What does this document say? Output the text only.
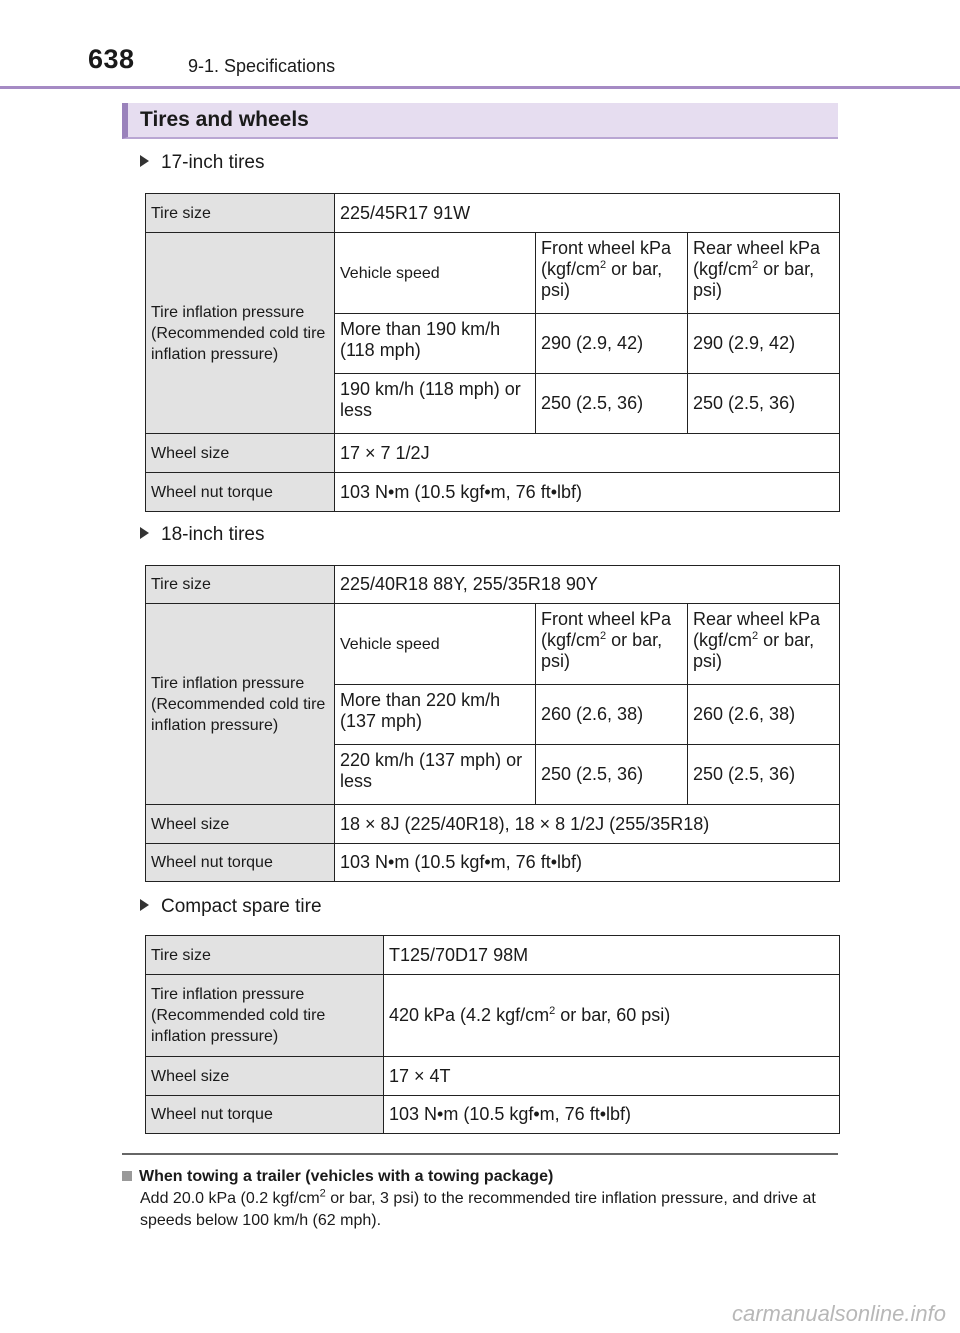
638	9-1. Specifications
Tires and wheels
17-inch tires
Tire size	225/45R17 91W		
Tire inflation pressure (Recommended cold tire inflation pressure)	Vehicle speed	Front wheel kPa ($kgf/cm^2$ or bar, psi)	Rear wheel kPa ($kgf/cm^2$ or bar, psi)
	More than 190 km/h (118 mph)	290 (2.9, 42)	290 (2.9, 42)
	190 km/h (118 mph) or less	250 (2.5, 36)	250 (2.5, 36)
Wheel size	17 × 7 1/2J		
Wheel nut torque	103 N•m (10.5 kgf•m, 76 ft•lbf)		
18-inch tires
Tire size	225/40R18 88Y, 255/35R18 90Y		
Tire inflation pressure (Recommended cold tire inflation pressure)	Vehicle speed	Front wheel kPa ($kgf/cm^2$ or bar, psi)	Rear wheel kPa ($kgf/cm^2$ or bar, psi)
	More than 220 km/h (137 mph)	260 (2.6, 38)	260 (2.6, 38)
	220 km/h (137 mph) or less	250 (2.5, 36)	250 (2.5, 36)
Wheel size	18 × 8J (225/40R18), 18 × 8 1/2J (255/35R18)		
Wheel nut torque	103 N•m (10.5 kgf•m, 76 ft•lbf)		
Compact spare tire
Tire size	T125/70D17 98M
Tire inflation pressure (Recommended cold tire inflation pressure)	420 kPa (4.2 kgf/$cm^2$ or bar, 60 psi)
Wheel size	17 × 4T
Wheel nut torque	103 N•m (10.5 kgf•m, 76 ft•lbf)
When towing a trailer (vehicles with a towing package)
Add 20.0 kPa (0.2 kgf/$cm^2$ or bar, 3 psi) to the recommended tire inflation pressure, and drive at speeds below 100 km/h (62 mph).
carmanualsonline.info
